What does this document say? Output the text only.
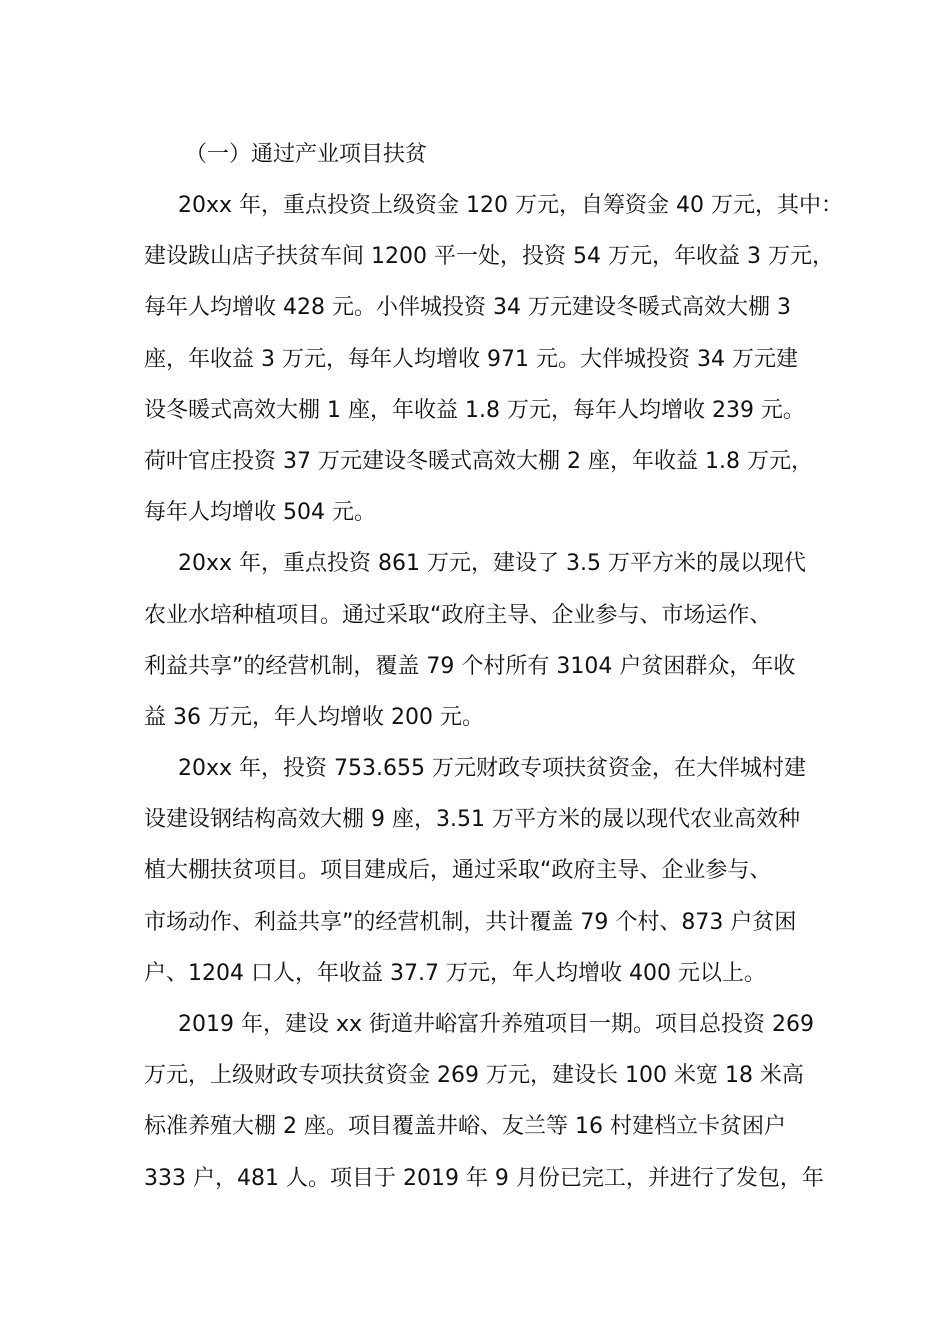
（一）通过产业项目扶贫
20xx 年，重点投资上级资金 120 万元，自筹资金 40 万元，其中：
建设跋山店子扶贫车间 1200 平一处，投资 54 万元，年收益 3 万元，
每年人均增收 428 元。小伴城投资 34 万元建设冬暖式高效大棚 3
座，年收益 3 万元，每年人均增收 971 元。大伴城投资 34 万元建
设冬暖式高效大棚 1 座，年收益 1.8 万元，每年人均增收 239 元。
荷叶官庄投资 37 万元建设冬暖式高效大棚 2 座，年收益 1.8 万元，
每年人均增收 504 元。
20xx 年，重点投资 861 万元，建设了 3.5 万平方米的晟以现代
农业水培种植项目。通过采取“政府主导、企业参与、市场运作、
利益共享”的经营机制，覆盖 79 个村所有 3104 户贫困群众，年收
益 36 万元，年人均增收 200 元。
20xx 年，投资 753.655 万元财政专项扶贫资金，在大伴城村建
设建设钢结构高效大棚 9 座，3.51 万平方米的晟以现代农业高效种
植大棚扶贫项目。项目建成后，通过采取“政府主导、企业参与、
市场动作、利益共享”的经营机制，共计覆盖 79 个村、873 户贫困
户、1204 口人，年收益 37.7 万元，年人均增收 400 元以上。
2019 年，建设 xx 街道井峪富升养殖项目一期。项目总投资 269
万元，上级财政专项扶贫资金 269 万元，建设长 100 米宽 18 米高
标准养殖大棚 2 座。项目覆盖井峪、友兰等 16 村建档立卡贫困户
333 户，481 人。项目于 2019 年 9 月份已完工，并进行了发包，年
